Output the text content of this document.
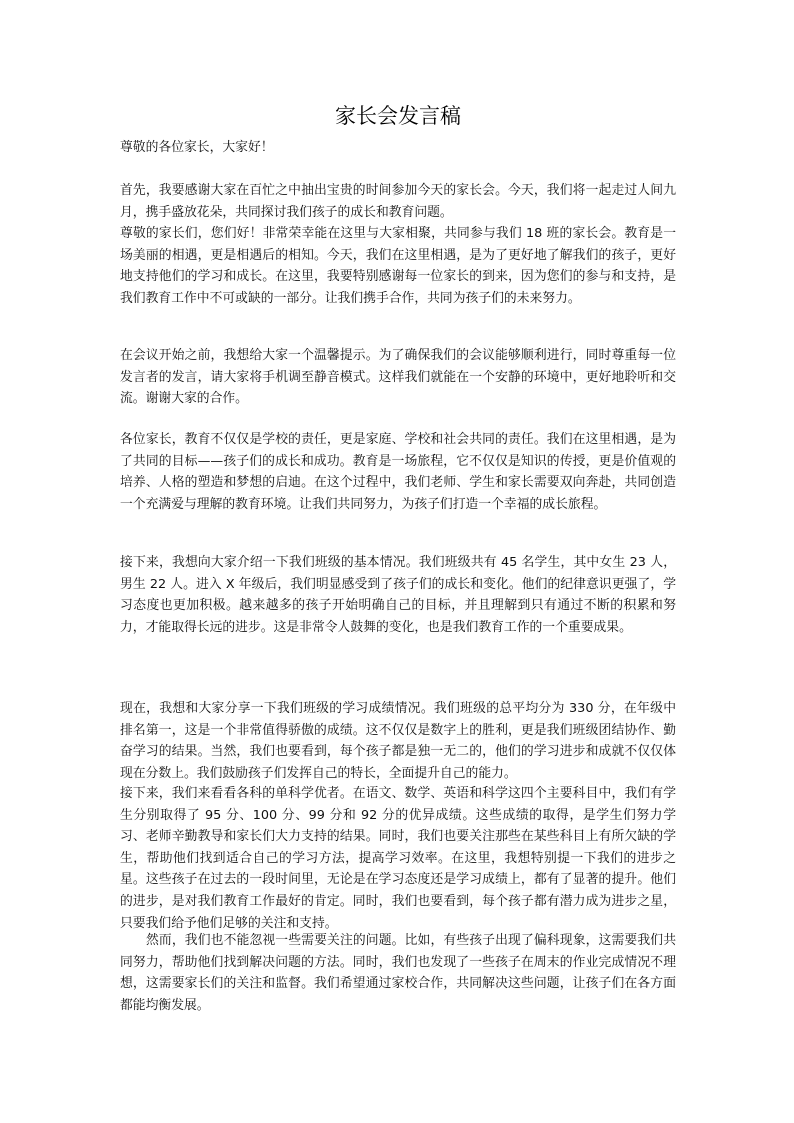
家长会发言稿

尊敬的各位家长，大家好！

首先，我要感谢大家在百忙之中抽出宝贵的时间参加今天的家长会。今天，我们将一起走过人间九月，携手盛放花朵，共同探讨我们孩子的成长和教育问题。

尊敬的家长们，您们好！非常荣幸能在这里与大家相聚，共同参与我们 18 班的家长会。教育是一场美丽的相遇，更是相遇后的相知。今天，我们在这里相遇，是为了更好地了解我们的孩子，更好地支持他们的学习和成长。在这里，我要特别感谢每一位家长的到来，因为您们的参与和支持，是我们教育工作中不可或缺的一部分。让我们携手合作，共同为孩子们的未来努力。

在会议开始之前，我想给大家一个温馨提示。为了确保我们的会议能够顺利进行，同时尊重每一位发言者的发言，请大家将手机调至静音模式。这样我们就能在一个安静的环境中，更好地聆听和交流。谢谢大家的合作。

各位家长，教育不仅仅是学校的责任，更是家庭、学校和社会共同的责任。我们在这里相遇，是为了共同的目标——孩子们的成长和成功。教育是一场旅程，它不仅仅是知识的传授，更是价值观的培养、人格的塑造和梦想的启迪。在这个过程中，我们老师、学生和家长需要双向奔赴，共同创造一个充满爱与理解的教育环境。让我们共同努力，为孩子们打造一个幸福的成长旅程。

接下来，我想向大家介绍一下我们班级的基本情况。我们班级共有 45 名学生，其中女生 23 人，男生 22 人。进入 X 年级后，我们明显感受到了孩子们的成长和变化。他们的纪律意识更强了，学习态度也更加积极。越来越多的孩子开始明确自己的目标，并且理解到只有通过不断的积累和努力，才能取得长远的进步。这是非常令人鼓舞的变化，也是我们教育工作的一个重要成果。

现在，我想和大家分享一下我们班级的学习成绩情况。我们班级的总平均分为 330 分，在年级中排名第一，这是一个非常值得骄傲的成绩。这不仅仅是数字上的胜利，更是我们班级团结协作、勤奋学习的结果。当然，我们也要看到，每个孩子都是独一无二的，他们的学习进步和成就不仅仅体现在分数上。我们鼓励孩子们发挥自己的特长，全面提升自己的能力。

接下来，我们来看看各科的单科学优者。在语文、数学、英语和科学这四个主要科目中，我们有学生分别取得了 95 分、100 分、99 分和 92 分的优异成绩。这些成绩的取得，是学生们努力学习、老师辛勤教导和家长们大力支持的结果。同时，我们也要关注那些在某些科目上有所欠缺的学生，帮助他们找到适合自己的学习方法，提高学习效率。在这里，我想特别提一下我们的进步之星。这些孩子在过去的一段时间里，无论是在学习态度还是学习成绩上，都有了显著的提升。他们的进步，是对我们教育工作最好的肯定。同时，我们也要看到，每个孩子都有潜力成为进步之星，只要我们给予他们足够的关注和支持。

然而，我们也不能忽视一些需要关注的问题。比如，有些孩子出现了偏科现象，这需要我们共同努力，帮助他们找到解决问题的方法。同时，我们也发现了一些孩子在周末的作业完成情况不理想，这需要家长们的关注和监督。我们希望通过家校合作，共同解决这些问题，让孩子们在各方面都能均衡发展。
